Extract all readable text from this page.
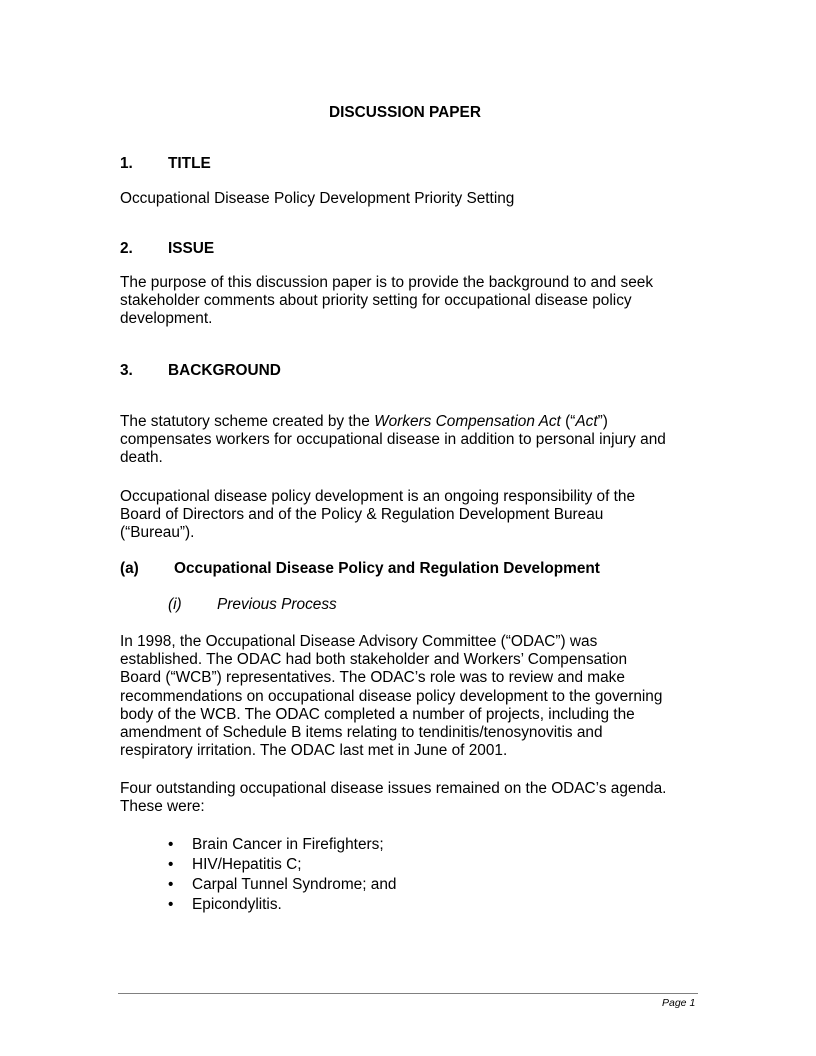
DISCUSSION PAPER
1. TITLE
Occupational Disease Policy Development Priority Setting
2. ISSUE

The purpose of this discussion paper is to provide the background to and seek

stakeholder comments about priority setting for occupational disease policy

development.

3. BACKGROUND

The statutory scheme created by the Workers Compensation Act (“Act”)

compensates workers for occupational disease in addition to personal injury and

death.

Occupational disease policy development is an ongoing responsibility of the

Board of Directors and of the Policy & Regulation Development Bureau

(“Bureau”).

(a) Occupational Disease Policy and Regulation Development
(i) Previous Process

In 1998, the Occupational Disease Advisory Committee (“ODAC”) was

established. The ODAC had both stakeholder and Workers’ Compensation

Board (“WCB”) representatives. The ODAC’s role was to review and make

recommendations on occupational disease policy development to the governing

body of the WCB. The ODAC completed a number of projects, including the

amendment of Schedule B items relating to tendinitis/tenosynovitis and

respiratory irritation. The ODAC last met in June of 2001.

Four outstanding occupational disease issues remained on the ODAC’s agenda.

These were:

• Brain Cancer in Firefighters;
• HIV/Hepatitis C;
• Carpal Tunnel Syndrome; and
• Epicondylitis.
Page 1
